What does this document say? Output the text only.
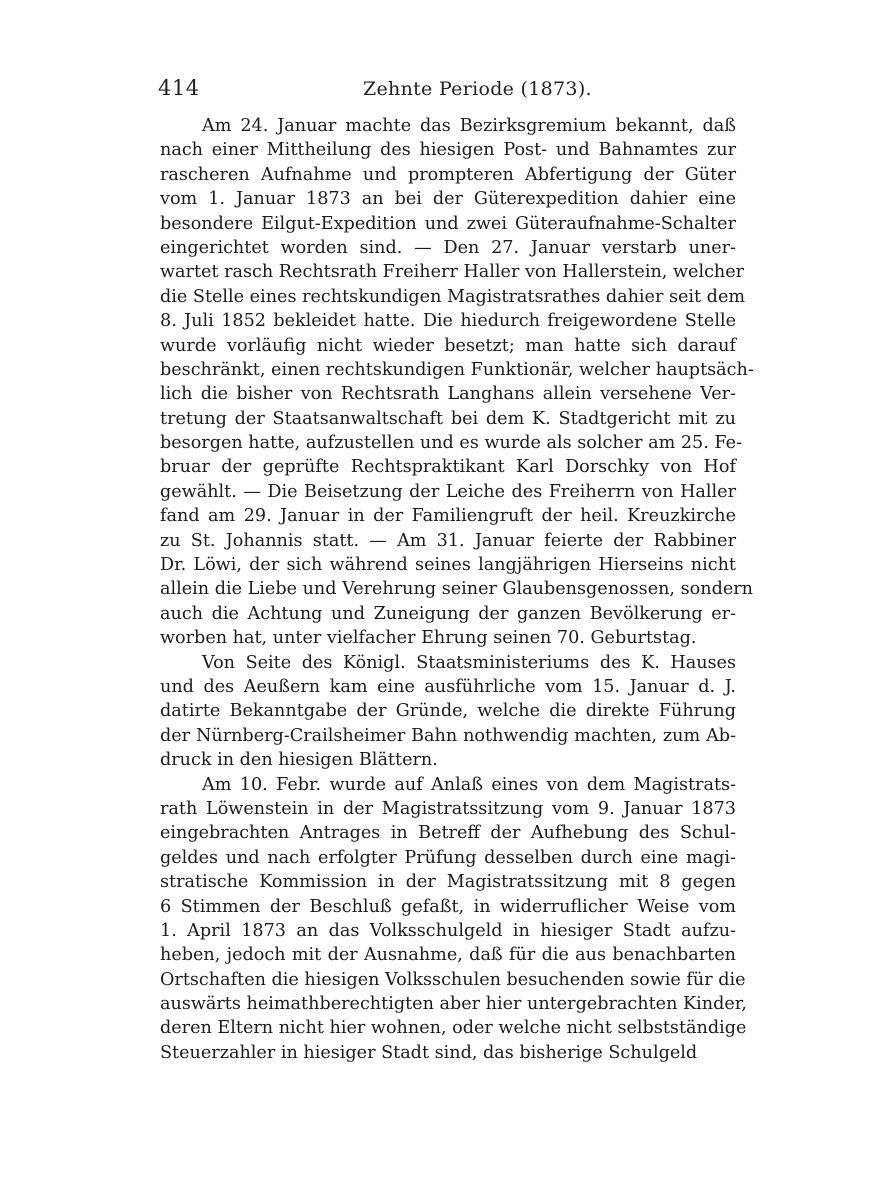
414	Zehnte Periode (1873).
Am 24. Januar machte das Bezirksgremium bekannt, daß
nach einer Mittheilung des hiesigen Post- und Bahnamtes zur
rascheren Aufnahme und prompteren Abfertigung der Güter
vom 1. Januar 1873 an bei der Güterexpedition dahier eine
besondere Eilgut-Expedition und zwei Güteraufnahme-Schalter
eingerichtet worden sind. — Den 27. Januar verstarb uner-
wartet rasch Rechtsrath Freiherr Haller von Hallerstein, welcher
die Stelle eines rechtskundigen Magistratsrathes dahier seit dem
8. Juli 1852 bekleidet hatte. Die hiedurch freigewordene Stelle
wurde vorläufig nicht wieder besetzt; man hatte sich darauf
beschränkt, einen rechtskundigen Funktionär, welcher hauptsäch-
lich die bisher von Rechtsrath Langhans allein versehene Ver-
tretung der Staatsanwaltschaft bei dem K. Stadtgericht mit zu
besorgen hatte, aufzustellen und es wurde als solcher am 25. Fe-
bruar der geprüfte Rechtspraktikant Karl Dorschky von Hof
gewählt. — Die Beisetzung der Leiche des Freiherrn von Haller
fand am 29. Januar in der Familiengruft der heil. Kreuzkirche
zu St. Johannis statt. — Am 31. Januar feierte der Rabbiner
Dr. Löwi, der sich während seines langjährigen Hierseins nicht
allein die Liebe und Verehrung seiner Glaubensgenossen, sondern
auch die Achtung und Zuneigung der ganzen Bevölkerung er-
worben hat, unter vielfacher Ehrung seinen 70. Geburtstag.
Von Seite des Königl. Staatsministeriums des K. Hauses
und des Aeußern kam eine ausführliche vom 15. Januar d. J.
datirte Bekanntgabe der Gründe, welche die direkte Führung
der Nürnberg-Crailsheimer Bahn nothwendig machten, zum Ab-
druck in den hiesigen Blättern.
Am 10. Febr. wurde auf Anlaß eines von dem Magistrats-
rath Löwenstein in der Magistratssitzung vom 9. Januar 1873
eingebrachten Antrages in Betreff der Aufhebung des Schul-
geldes und nach erfolgter Prüfung desselben durch eine magi-
stratische Kommission in der Magistratssitzung mit 8 gegen
6 Stimmen der Beschluß gefaßt, in widerruflicher Weise vom
1. April 1873 an das Volksschulgeld in hiesiger Stadt aufzu-
heben, jedoch mit der Ausnahme, daß für die aus benachbarten
Ortschaften die hiesigen Volksschulen besuchenden sowie für die
auswärts heimathberechtigten aber hier untergebrachten Kinder,
deren Eltern nicht hier wohnen, oder welche nicht selbstständige
Steuerzahler in hiesiger Stadt sind, das bisherige Schulgeld
